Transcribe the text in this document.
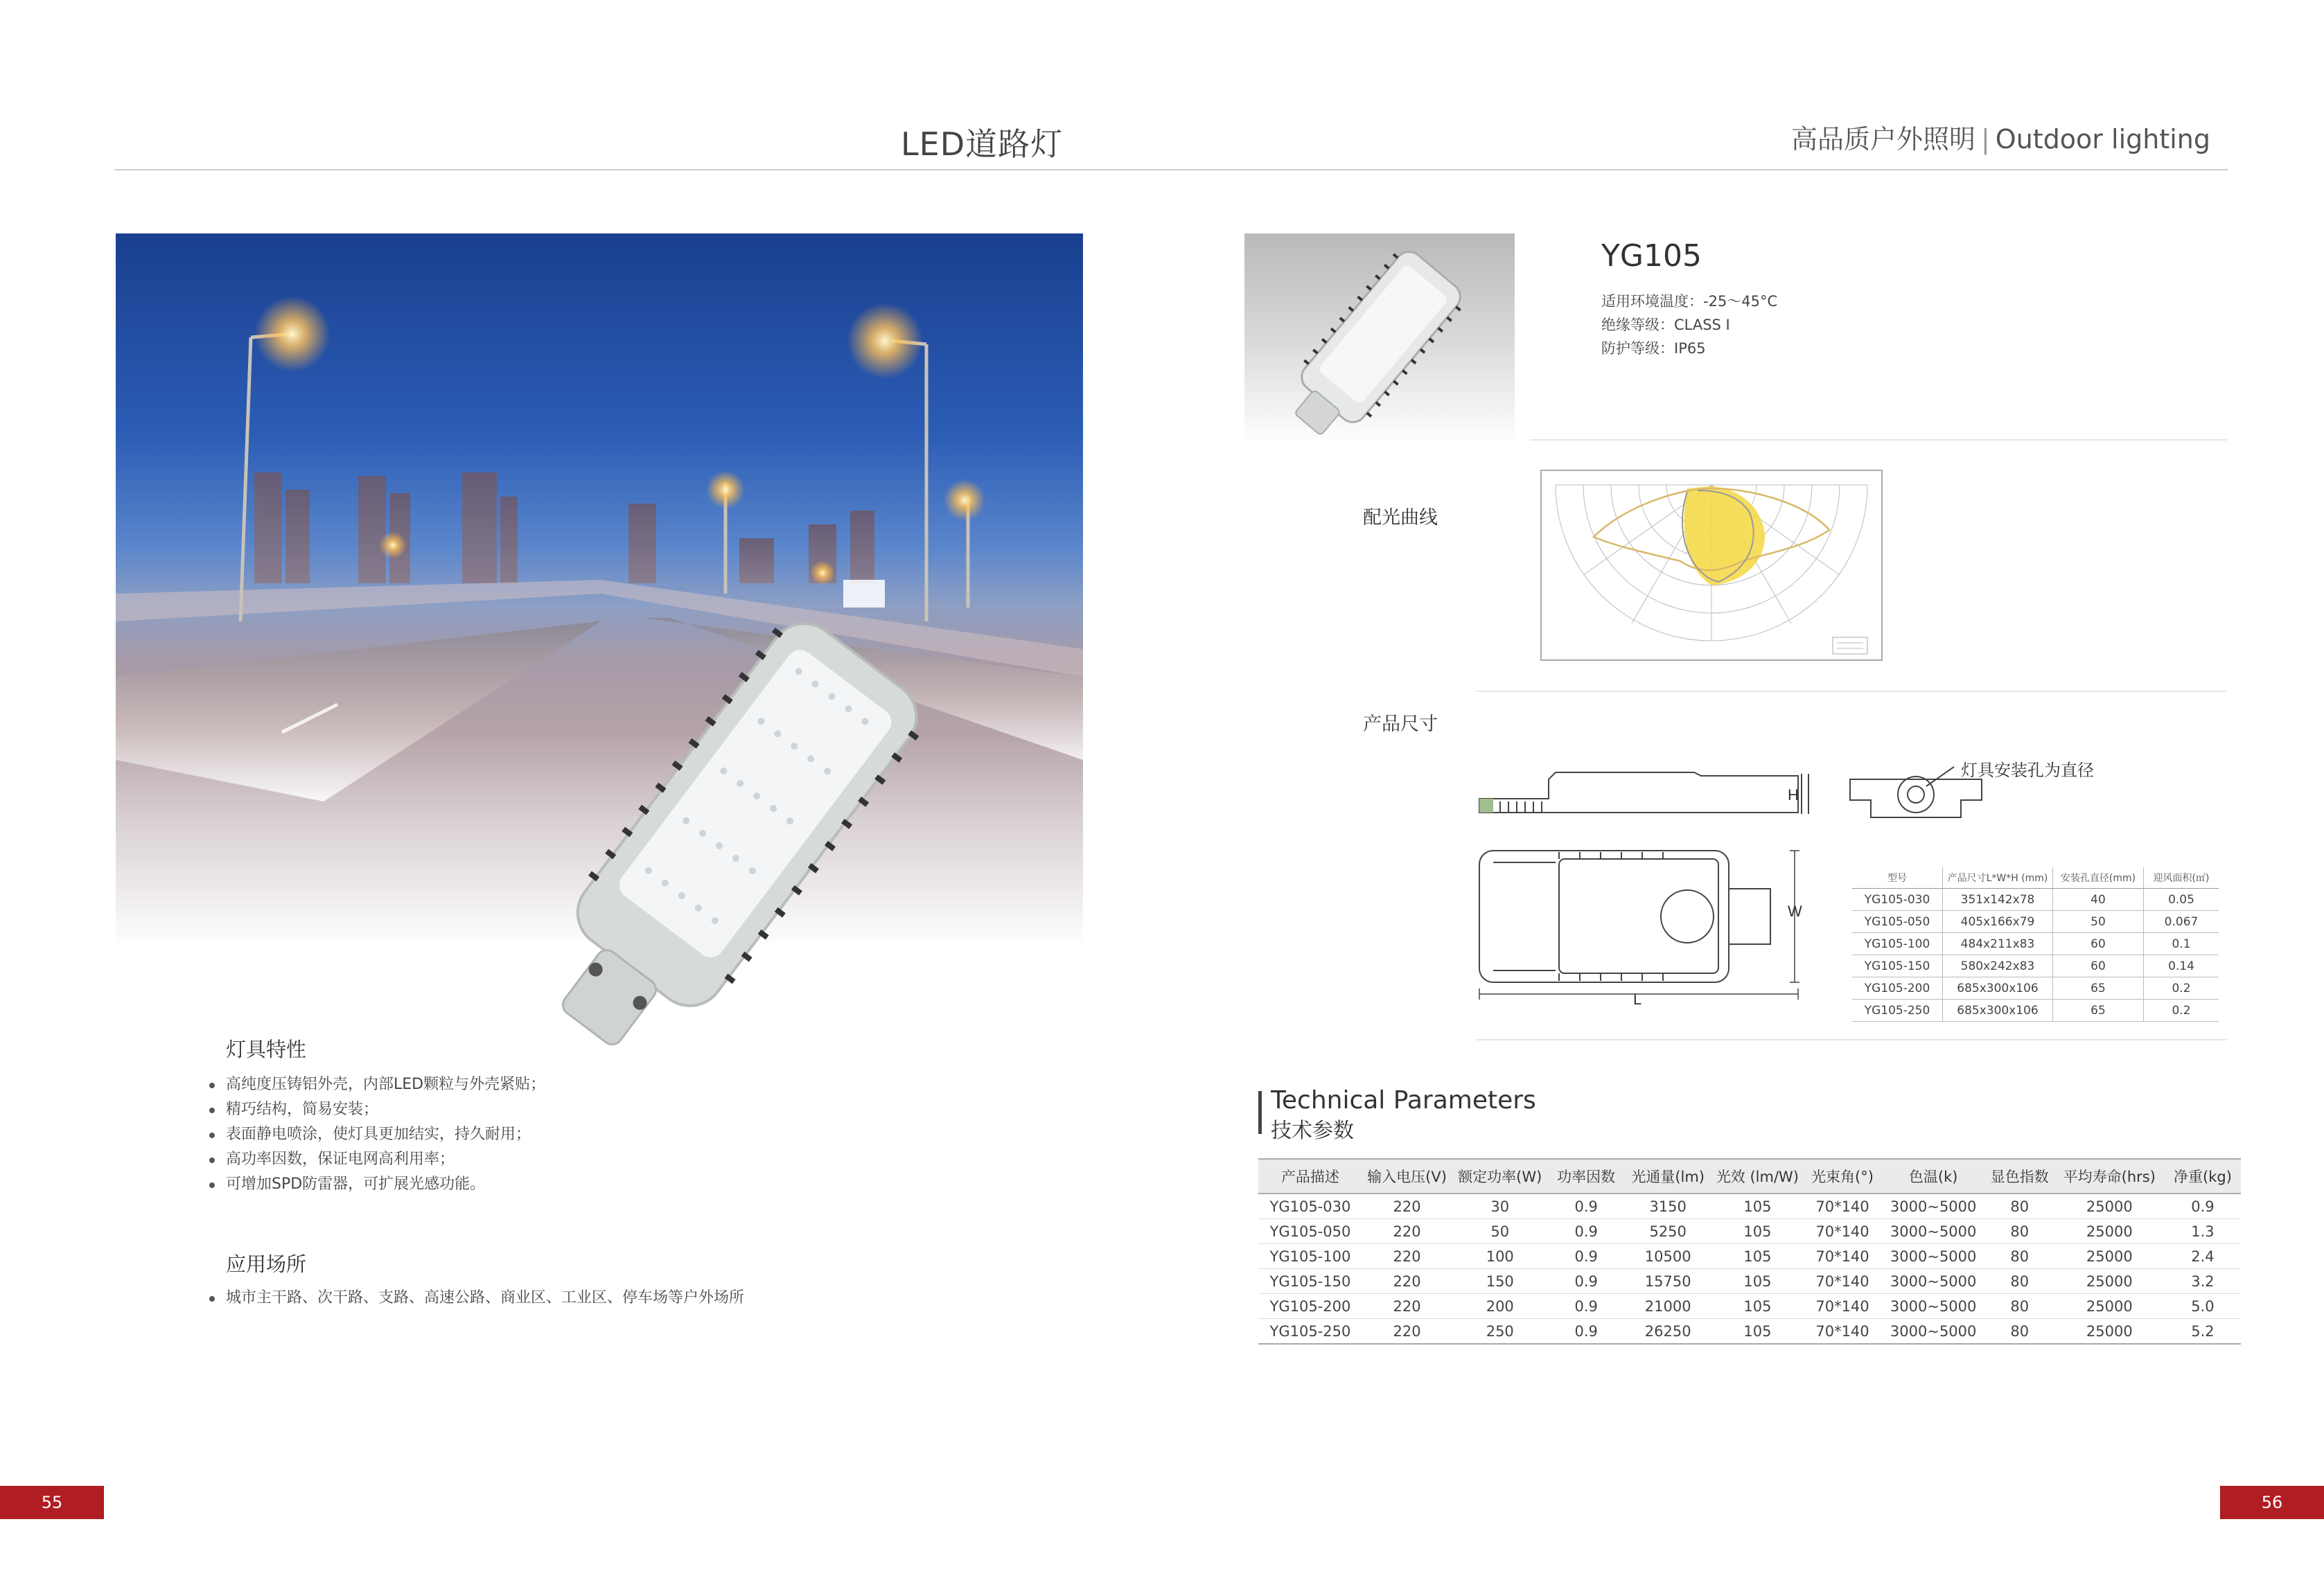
LED道路灯	高品质户外照明 | Outdoor lighting
灯具特性
高纯度压铸铝外壳，内部LED颗粒与外壳紧贴；
精巧结构，简易安装；
表面静电喷涂，使灯具更加结实，持久耐用；
高功率因数，保证电网高利用率；
可增加SPD防雷器，可扩展光感功能。
应用场所
城市主干路、次干路、支路、高速公路、商业区、工业区、停车场等户外场所
YG105
适用环境温度：-25～45°C
绝缘等级：CLASS I
防护等级：IP65
配光曲线
产品尺寸
H
W
L
灯具安装孔为直径
型号	产品尺寸L*W*H (mm)	安装孔直径(mm)	迎风面积(㎡)
YG105-030	351x142x78	40	0.05
YG105-050	405x166x79	50	0.067
YG105-100	484x211x83	60	0.1
YG105-150	580x242x83	60	0.14
YG105-200	685x300x106	65	0.2
YG105-250	685x300x106	65	0.2
Technical Parameters
技术参数
产品描述	输入电压(V)	额定功率(W)	功率因数	光通量(lm)	光效 (lm/W)	光束角(°)	色温(k)	显色指数	平均寿命(hrs)	净重(kg)
YG105-030	220	30	0.9	3150	105	70*140	3000~5000	80	25000	0.9
YG105-050	220	50	0.9	5250	105	70*140	3000~5000	80	25000	1.3
YG105-100	220	100	0.9	10500	105	70*140	3000~5000	80	25000	2.4
YG105-150	220	150	0.9	15750	105	70*140	3000~5000	80	25000	3.2
YG105-200	220	200	0.9	21000	105	70*140	3000~5000	80	25000	5.0
YG105-250	220	250	0.9	26250	105	70*140	3000~5000	80	25000	5.2
55	56
